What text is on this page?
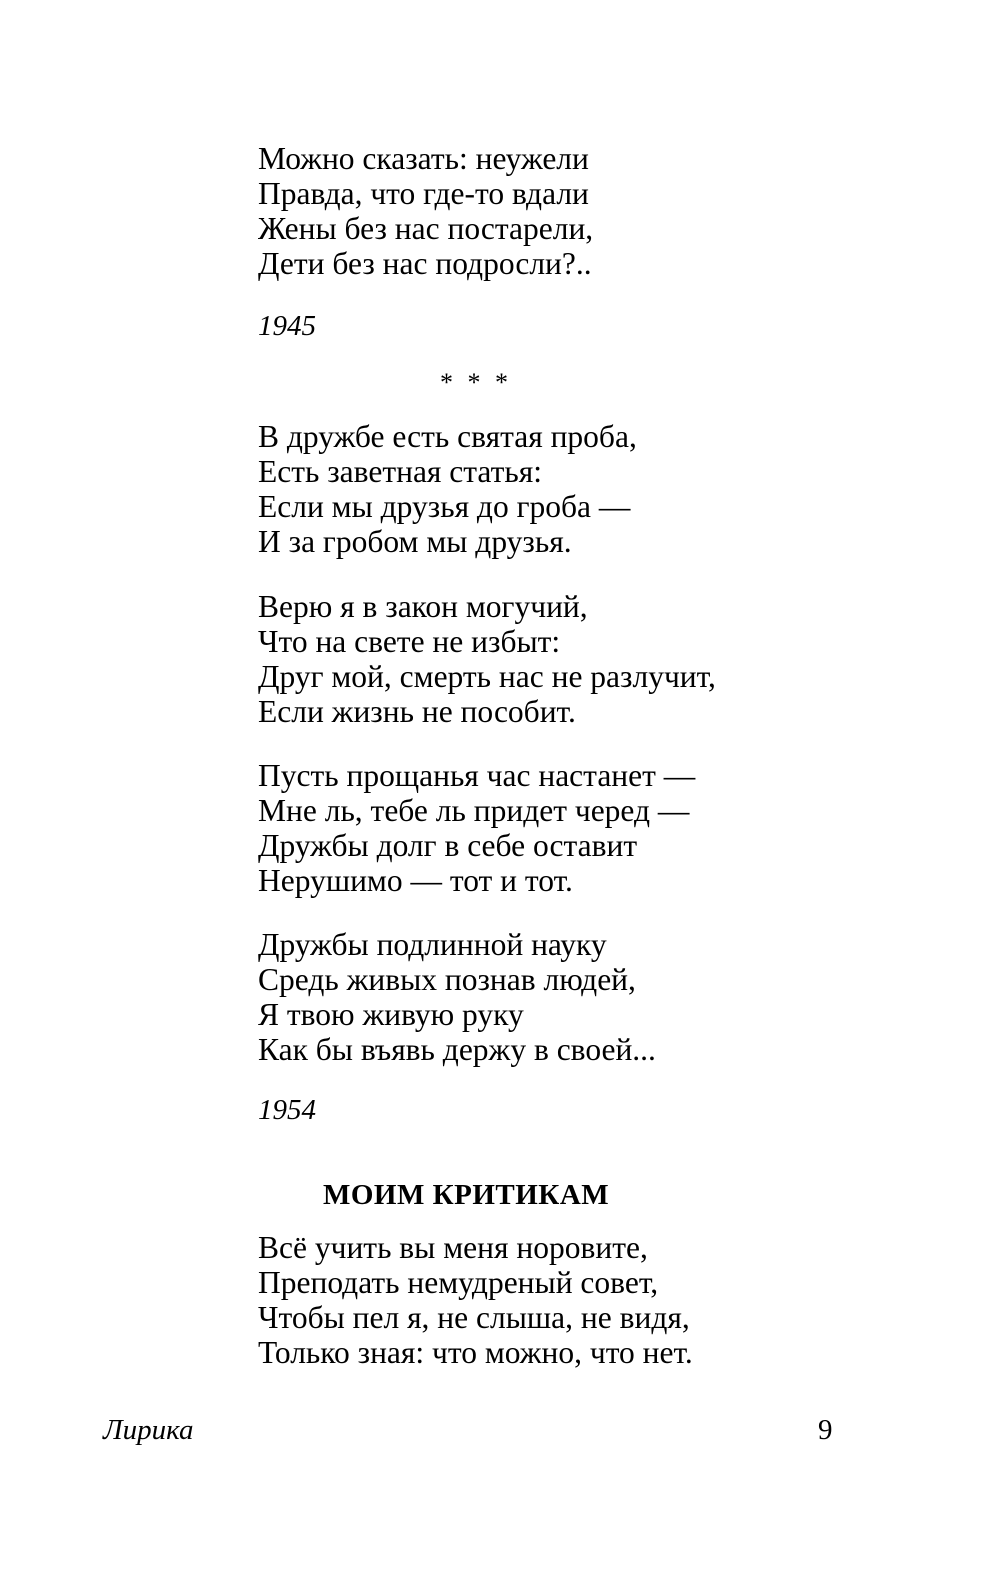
Можно сказать: неужели
Правда, что где-то вдали
Жены без нас постарели,
Дети без нас подросли?..
1945
* * *
В дружбе есть святая проба,
Есть заветная статья:
Если мы друзья до гроба —
И за гробом мы друзья.
Верю я в закон могучий,
Что на свете не избыт:
Друг мой, смерть нас не разлучит,
Если жизнь не пособит.
Пусть прощанья час настанет —
Мне ль, тебе ль придет черед —
Дружбы долг в себе оставит
Нерушимо — тот и тот.
Дружбы подлинной науку
Средь живых познав людей,
Я твою живую руку
Как бы въявь держу в своей...
1954
МОИМ КРИТИКАМ
Всё учить вы меня норовите,
Преподать немудреный совет,
Чтобы пел я, не слыша, не видя,
Только зная: что можно, что нет.
Лирика	9
